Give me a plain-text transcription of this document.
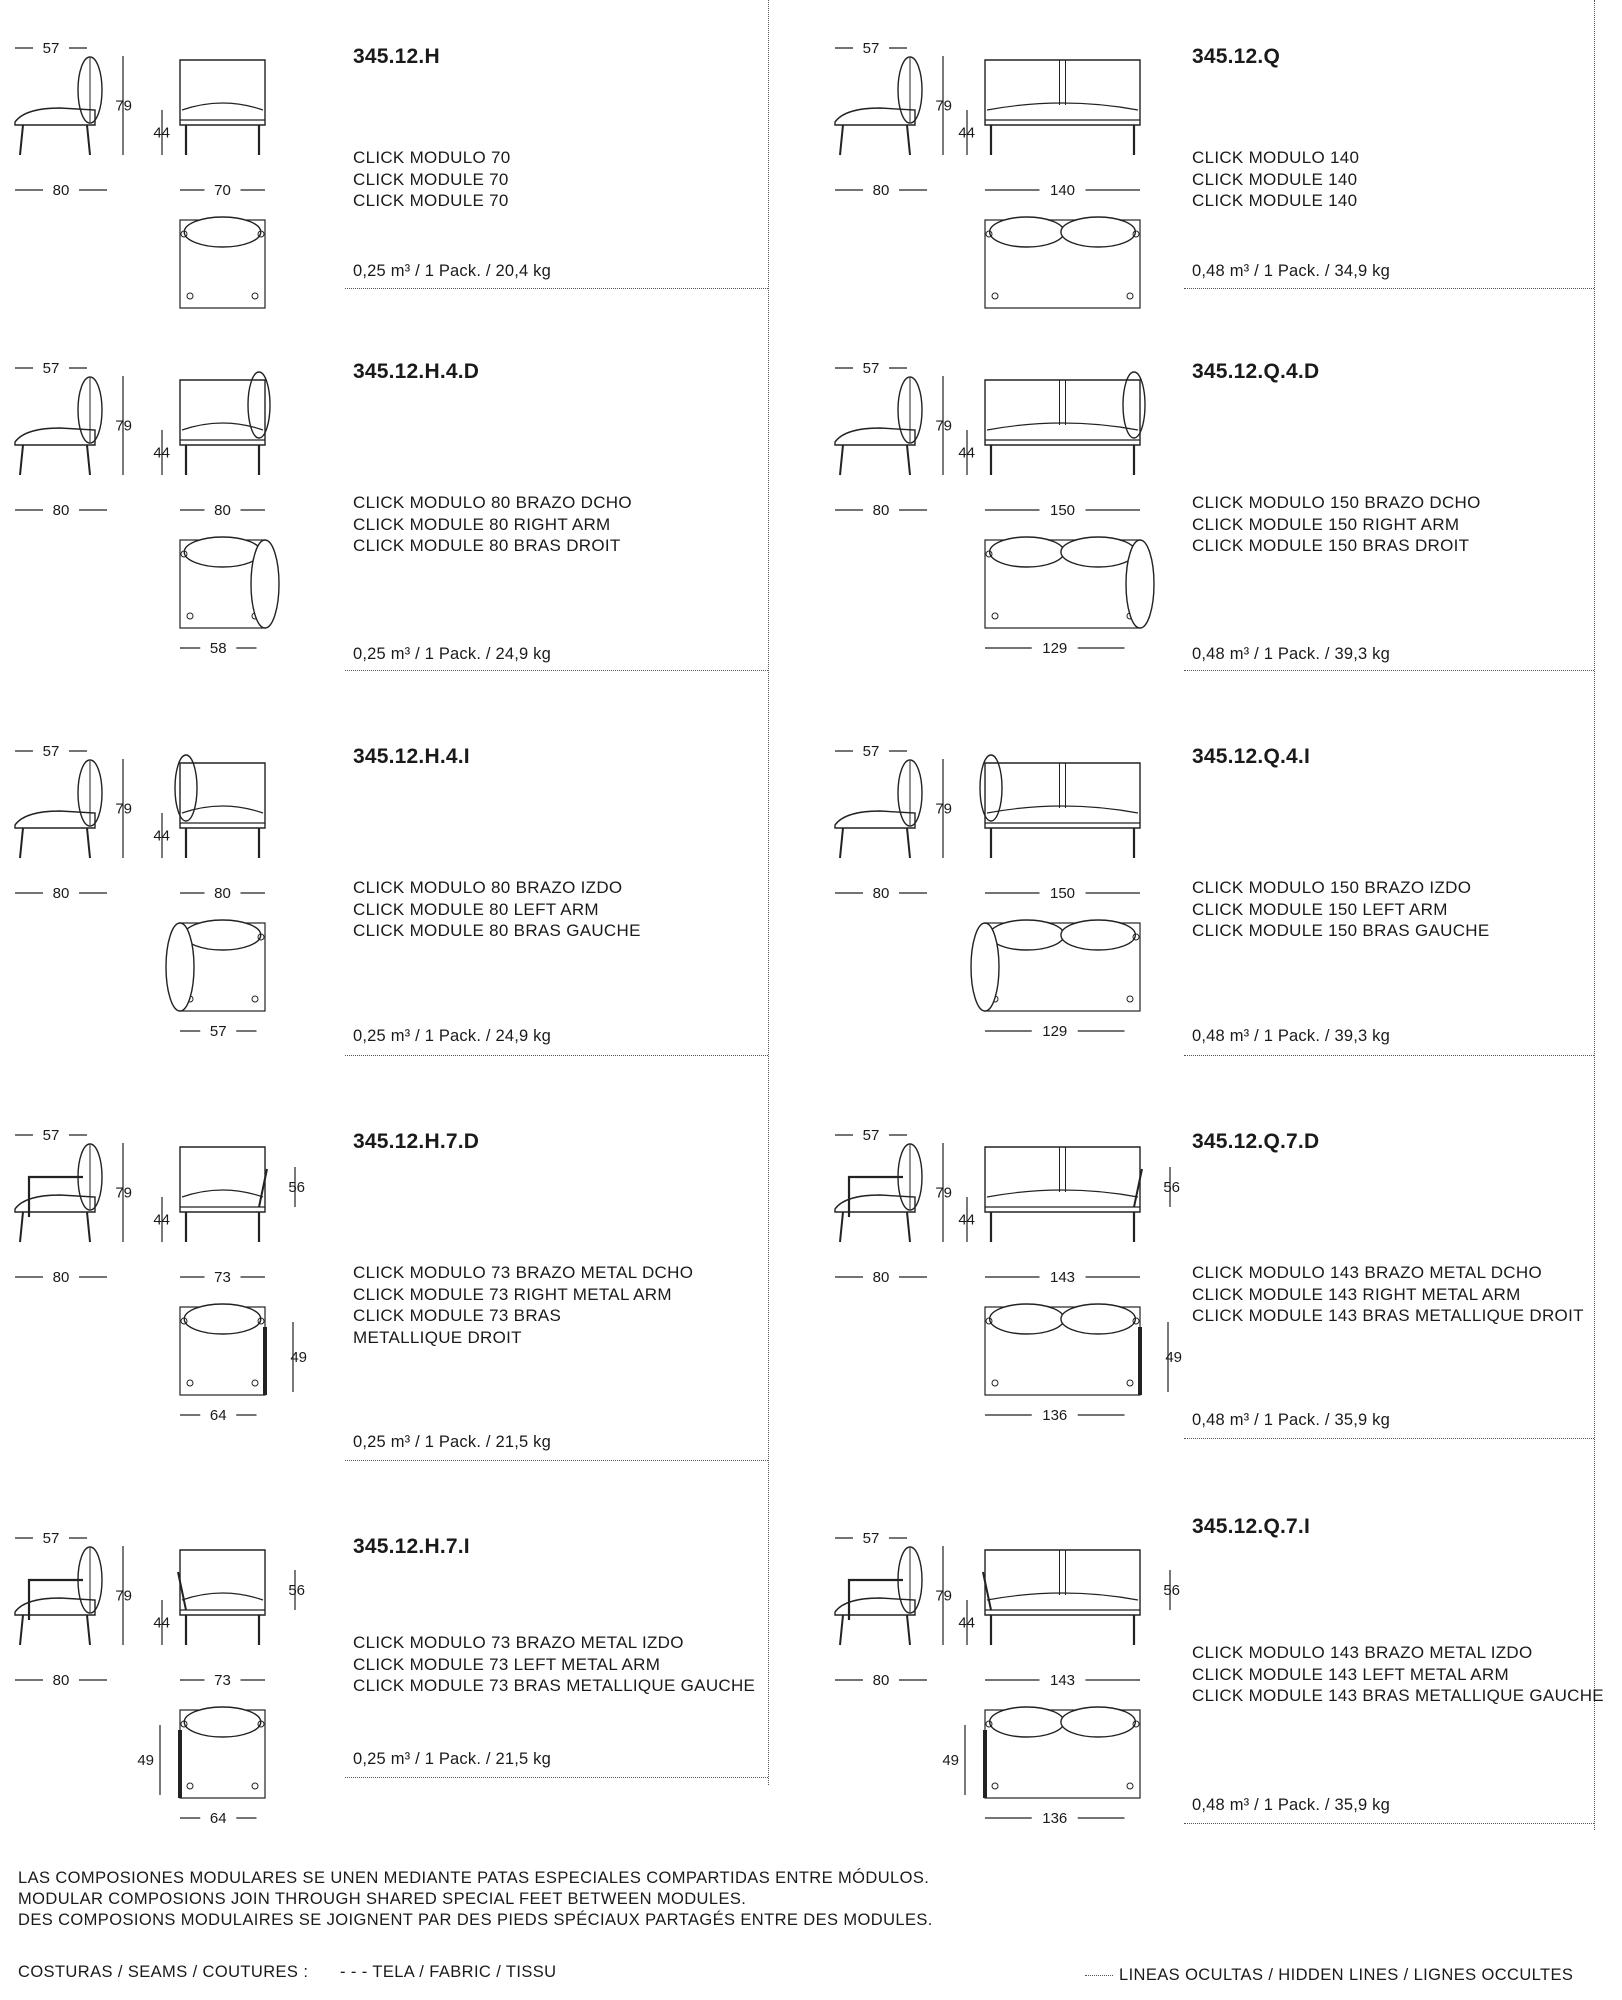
57
79
80
44
70
345.12.H
CLICK MODULO 70
CLICK MODULE 70
CLICK MODULE 70
0,25 m³ / 1 Pack. / 20,4 kg
57
79
80
44
80
58
345.12.H.4.D
CLICK MODULO 80 BRAZO DCHO
CLICK MODULE 80 RIGHT ARM
CLICK MODULE 80 BRAS DROIT
0,25 m³ / 1 Pack. / 24,9 kg
57
79
80
44
80
57
345.12.H.4.I
CLICK MODULO 80 BRAZO IZDO
CLICK MODULE 80 LEFT ARM
CLICK MODULE 80 BRAS GAUCHE
0,25 m³ / 1 Pack. / 24,9 kg
57
79
80
44
56
73
64
49
345.12.H.7.D
CLICK MODULO 73 BRAZO METAL DCHO
CLICK MODULE 73 RIGHT METAL ARM
CLICK MODULE 73 BRAS
METALLIQUE DROIT
0,25 m³ / 1 Pack. / 21,5 kg
57
79
80
44
56
73
64
49
345.12.H.7.I
CLICK MODULO 73 BRAZO METAL IZDO
CLICK MODULE 73 LEFT METAL ARM
CLICK MODULE 73 BRAS METALLIQUE GAUCHE
0,25 m³ / 1 Pack. / 21,5 kg
57
79
80
44
140
345.12.Q
CLICK MODULO 140
CLICK MODULE 140
CLICK MODULE 140
0,48 m³ / 1 Pack. / 34,9 kg
57
79
80
44
150
129
345.12.Q.4.D
CLICK MODULO 150 BRAZO DCHO
CLICK MODULE 150 RIGHT ARM
CLICK MODULE 150 BRAS DROIT
0,48 m³ / 1 Pack. / 39,3 kg
57
79
80	150
129
345.12.Q.4.I
CLICK MODULO 150 BRAZO IZDO
CLICK MODULE 150 LEFT ARM
CLICK MODULE 150 BRAS GAUCHE
0,48 m³ / 1 Pack. / 39,3 kg
57
79
80
44
56
143
136
49
345.12.Q.7.D
CLICK MODULO 143 BRAZO METAL DCHO
CLICK MODULE 143 RIGHT METAL ARM
CLICK MODULE 143 BRAS METALLIQUE DROIT
0,48 m³ / 1 Pack. / 35,9 kg
57
79
80
44
56
143
136
49
345.12.Q.7.I
CLICK MODULO 143 BRAZO METAL IZDO
CLICK MODULE 143 LEFT METAL ARM
CLICK MODULE 143 BRAS METALLIQUE GAUCHE
0,48 m³ / 1 Pack. / 35,9 kg
LAS COMPOSIONES MODULARES SE UNEN MEDIANTE PATAS ESPECIALES COMPARTIDAS ENTRE MÓDULOS.
MODULAR COMPOSIONS JOIN THROUGH SHARED SPECIAL FEET BETWEEN MODULES.
DES COMPOSIONS MODULAIRES SE JOIGNENT PAR DES PIEDS SPÉCIAUX PARTAGÉS ENTRE DES MODULES.
COSTURAS / SEAMS / COUTURES : - - - TELA / FABRIC / TISSU	LINEAS OCULTAS / HIDDEN LINES / LIGNES OCCULTES
